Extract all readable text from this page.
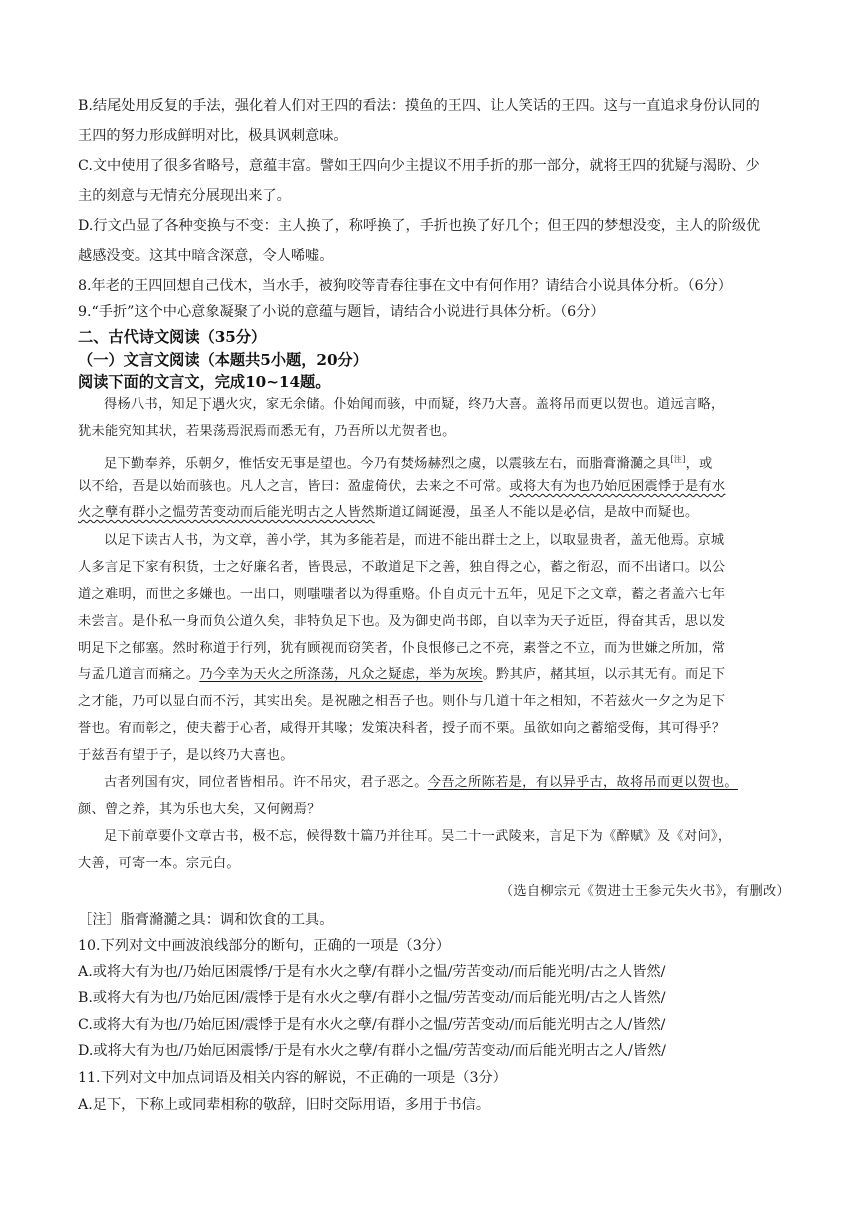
B.结尾处用反复的手法，强化着人们对王四的看法：摸鱼的王四、让人笑话的王四。这与一直追求身份认同的
王四的努力形成鲜明对比，极具讽刺意味。
C.文中使用了很多省略号，意蕴丰富。譬如王四向少主提议不用手折的那一部分，就将王四的犹疑与渴盼、少
主的刻意与无情充分展现出来了。
D.行文凸显了各种变换与不变：主人换了，称呼换了，手折也换了好几个；但王四的梦想没变，主人的阶级优
越感没变。这其中暗含深意，令人唏嘘。
8.年老的王四回想自己伐木，当水手，被狗咬等青春往事在文中有何作用？请结合小说具体分析。（6分）
9.“手折”这个中心意象凝聚了小说的意蕴与题旨，请结合小说进行具体分析。（6分）
二、古代诗文阅读（35分）
（一）文言文阅读（本题共5小题，20分）
阅读下面的文言文，完成10~14题。
得杨八书，知足下遇火灾，家无余储。仆始闻而骇，中而疑，终乃大喜。盖将吊而更以贺也。道远言略，
犹未能究知其状，若果荡焉泯焉而悉无有，乃吾所以尤贺者也。
足下勤奉养，乐朝夕，惟恬安无事是望也。今乃有焚炀赫烈之虞，以震骇左右，而脂膏滫瀡之具[注]，或
以不给，吾是以始而骇也。凡人之言，皆曰：盈虚倚伏，去来之不可常。或将大有为也乃始厄困震悸于是有水
火之孽有群小之愠劳苦变动而后能光明古之人皆然斯道辽阔诞漫，虽圣人不能以是必信，是故中而疑也。
以足下读古人书，为文章，善小学，其为多能若是，而进不能出群士之上，以取显贵者，盖无他焉。京城
人多言足下家有积货，士之好廉名者，皆畏忌，不敢道足下之善，独自得之心，蓄之衔忍，而不出诸口。以公
道之难明，而世之多嫌也。一出口，则嗤嗤者以为得重赂。仆自贞元十五年，见足下之文章，蓄之者盖六七年
未尝言。是仆私一身而负公道久矣，非特负足下也。及为御史尚书郎，自以幸为天子近臣，得奋其舌，思以发
明足下之郁塞。然时称道于行列，犹有顾视而窃笑者，仆良恨修己之不亮，素誉之不立，而为世嫌之所加，常
与孟几道言而痛之。乃今幸为天火之所涤荡，凡众之疑虑，举为灰埃。黔其庐，赭其垣，以示其无有。而足下
之才能，乃可以显白而不污，其实出矣。是祝融之相吾子也。则仆与几道十年之相知，不若兹火一夕之为足下
誉也。宥而彰之，使夫蓄于心者，咸得开其喙；发策决科者，授子而不栗。虽欲如向之蓄缩受侮，其可得乎？
于兹吾有望于子，是以终乃大喜也。
古者列国有灾，同位者皆相吊。许不吊灾，君子恶之。今吾之所陈若是，有以异乎古，故将吊而更以贺也。
颜、曾之养，其为乐也大矣，又何阙焉？
足下前章要仆文章古书，极不忘，候得数十篇乃并往耳。吴二十一武陵来，言足下为《醉赋》及《对问》，
大善，可寄一本。宗元白。
（选自柳宗元《贺进士王参元失火书》，有删改）
［注］脂膏滫瀡之具：调和饮食的工具。
10.下列对文中画波浪线部分的断句，正确的一项是（3分）
A.或将大有为也/乃始厄困震悸/于是有水火之孽/有群小之愠/劳苦变动/而后能光明/古之人皆然/
B.或将大有为也/乃始厄困/震悸于是有水火之孽/有群小之愠/劳苦变动/而后能光明/古之人皆然/
C.或将大有为也/乃始厄困/震悸于是有水火之孽/有群小之愠/劳苦变动/而后能光明古之人/皆然/
D.或将大有为也/乃始厄困震悸/于是有水火之孽/有群小之愠/劳苦变动/而后能光明古之人/皆然/
11.下列对文中加点词语及相关内容的解说，不正确的一项是（3分）
A.足下，下称上或同辈相称的敬辞，旧时交际用语，多用于书信。
